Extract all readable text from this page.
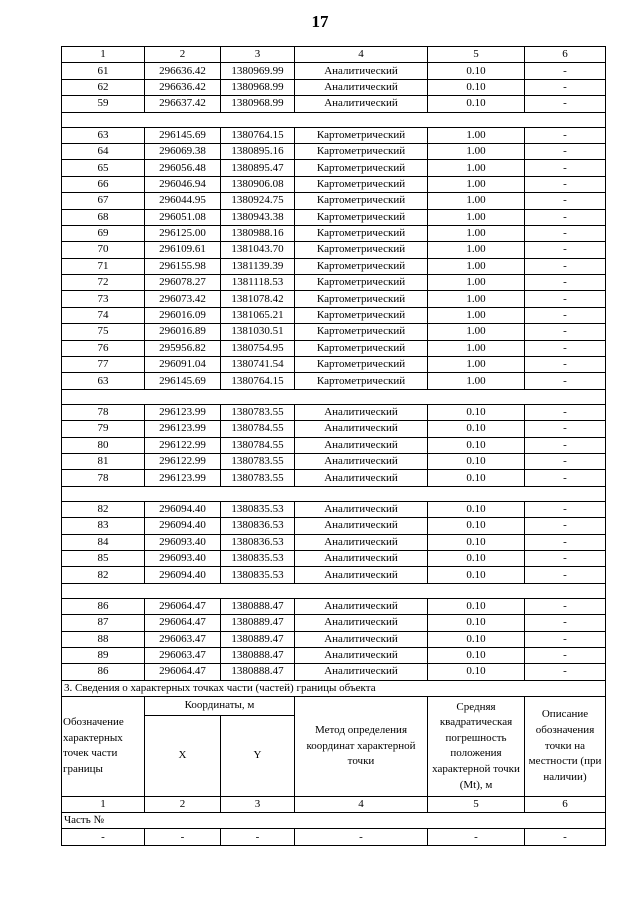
17
1	2	3	4	5	6
61	296636.42	1380969.99	Аналитический	0.10	-
62	296636.42	1380968.99	Аналитический	0.10	-
59	296637.42	1380968.99	Аналитический	0.10	-

63	296145.69	1380764.15	Картометрический	1.00	-
64	296069.38	1380895.16	Картометрический	1.00	-
65	296056.48	1380895.47	Картометрический	1.00	-
66	296046.94	1380906.08	Картометрический	1.00	-
67	296044.95	1380924.75	Картометрический	1.00	-
68	296051.08	1380943.38	Картометрический	1.00	-
69	296125.00	1380988.16	Картометрический	1.00	-
70	296109.61	1381043.70	Картометрический	1.00	-
71	296155.98	1381139.39	Картометрический	1.00	-
72	296078.27	1381118.53	Картометрический	1.00	-
73	296073.42	1381078.42	Картометрический	1.00	-
74	296016.09	1381065.21	Картометрический	1.00	-
75	296016.89	1381030.51	Картометрический	1.00	-
76	295956.82	1380754.95	Картометрический	1.00	-
77	296091.04	1380741.54	Картометрический	1.00	-
63	296145.69	1380764.15	Картометрический	1.00	-

78	296123.99	1380783.55	Аналитический	0.10	-
79	296123.99	1380784.55	Аналитический	0.10	-
80	296122.99	1380784.55	Аналитический	0.10	-
81	296122.99	1380783.55	Аналитический	0.10	-
78	296123.99	1380783.55	Аналитический	0.10	-

82	296094.40	1380835.53	Аналитический	0.10	-
83	296094.40	1380836.53	Аналитический	0.10	-
84	296093.40	1380836.53	Аналитический	0.10	-
85	296093.40	1380835.53	Аналитический	0.10	-
82	296094.40	1380835.53	Аналитический	0.10	-

86	296064.47	1380888.47	Аналитический	0.10	-
87	296064.47	1380889.47	Аналитический	0.10	-
88	296063.47	1380889.47	Аналитический	0.10	-
89	296063.47	1380888.47	Аналитический	0.10	-
86	296064.47	1380888.47	Аналитический	0.10	-
3. Сведения о характерных точках части (частей) границы объекта					
Обозначение характерных точек части границы	Координаты, м		Метод определения координат характерной точки	Средняя квадратическая погрешность положения характерной точки (Mt), м	Описание обозначения точки на местности (при наличии)
	X	Y			
1	2	3	4	5	6
Часть №					
-	-	-	-	-	-
